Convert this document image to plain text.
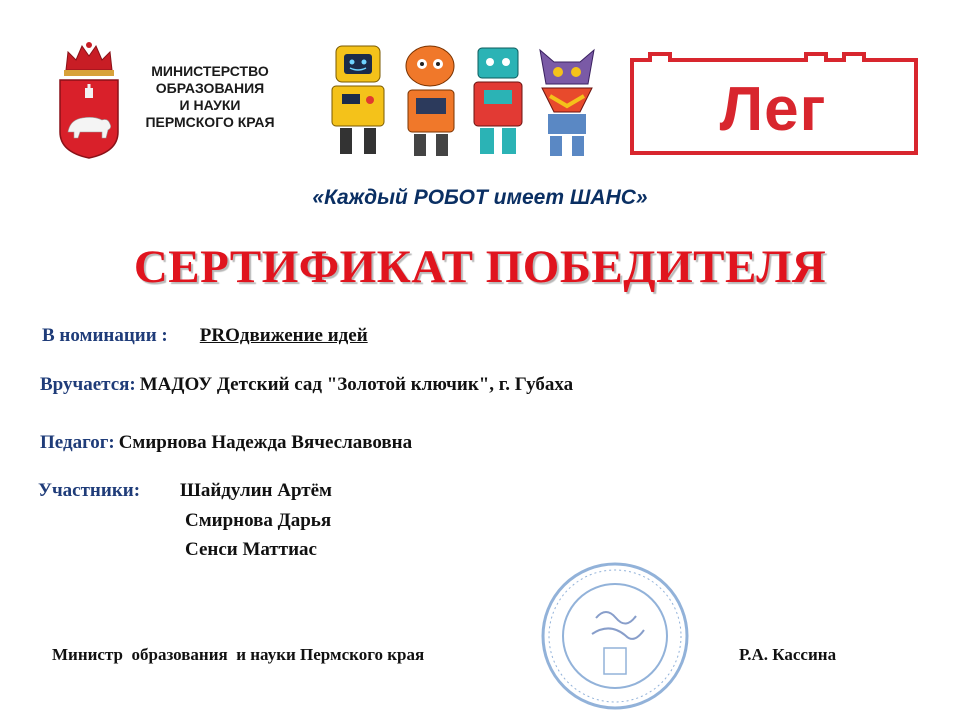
МИНИСТЕРСТВО
ОБРАЗОВАНИЯ
И НАУКИ
ПЕРМСКОГО КРАЯ	Лег
«Каждый РОБОТ имеет ШАНС»
СЕРТИФИКАТ ПОБЕДИТЕЛЯ
В номинации : PROдвижение идей
Вручается: МАДОУ Детский сад "Золотой ключик", г. Губаха
Педагог: Смирнова Надежда Вячеславовна
Участники: Шайдулин Артём
Смирнова Дарья
Сенси Маттиас
Министр  образования  и науки Пермского края	Р.А. Кассина
